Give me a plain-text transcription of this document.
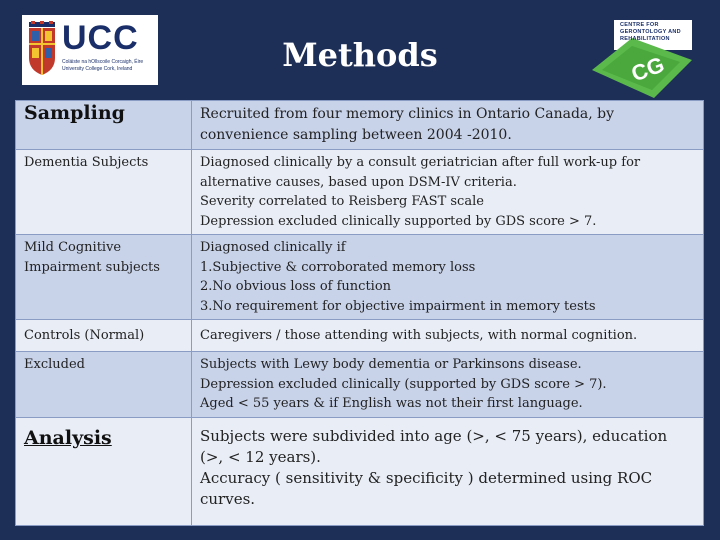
UCC
Coláiste na hOllscoile Corcaigh, Éire University College Cork, Ireland	Methods	CG
CENTRE FOR GERONTOLOGY AND REHABILITATION
Sampling	Recruited from four memory clinics in Ontario Canada, by convenience sampling between 2004 -2010.

Dementia Subjects	Diagnosed clinically by a consult geriatrician after full work-up for alternative causes, based upon DSM-IV criteria.
Severity correlated to Reisberg FAST scale
Depression excluded clinically supported by GDS score > 7.

Mild Cognitive Impairment subjects	Diagnosed clinically if
1.Subjective & corroborated memory loss
2.No obvious loss of function
3.No requirement for objective impairment in memory tests

Controls (Normal)	Caregivers / those attending with subjects, with normal cognition.

Excluded	Subjects with Lewy body dementia or Parkinsons disease.
Depression excluded clinically (supported by GDS score > 7).
Aged < 55 years & if English was not their first language.

Analysis	Subjects were subdivided into age (>, < 75 years), education (>, < 12 years).
Accuracy ( sensitivity & specificity ) determined using ROC curves.
